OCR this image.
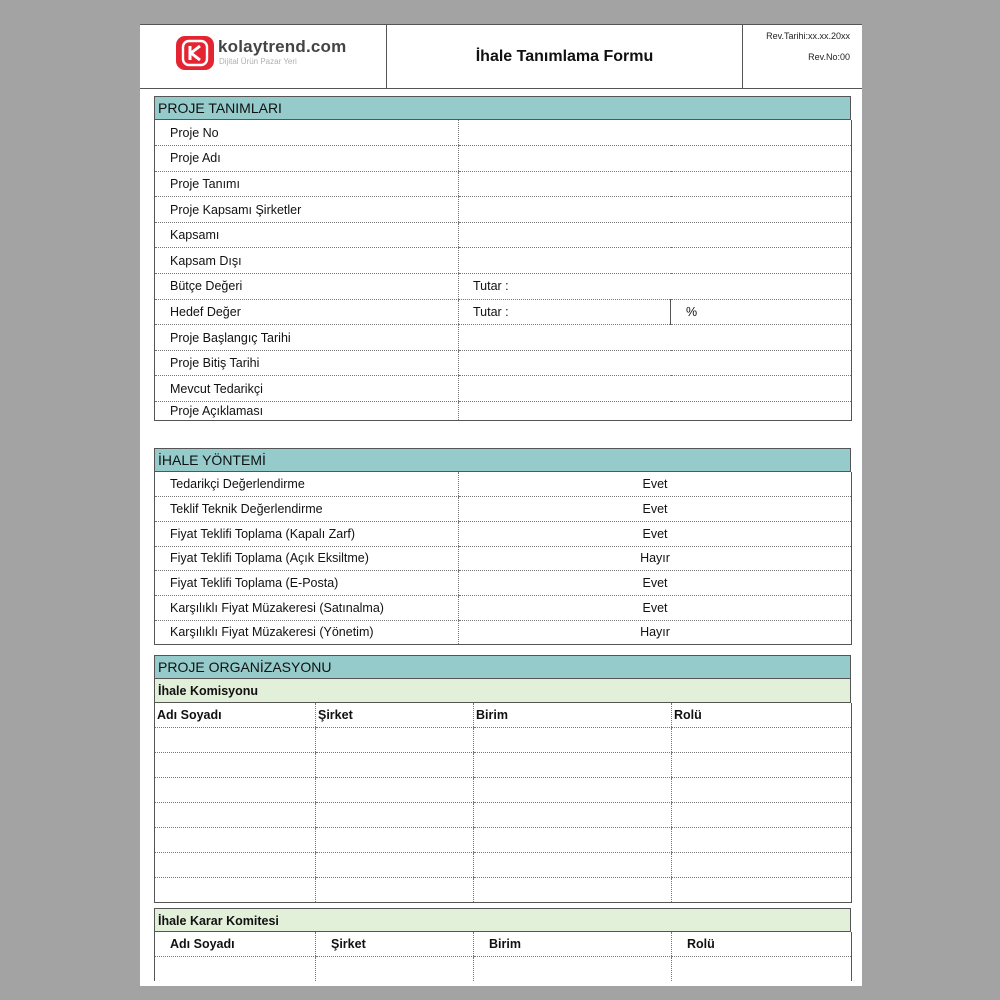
kolaytrend.com
Dijital Ürün Pazar Yeri	İhale Tanımlama Formu
Rev.Tarihi:xx.xx.20xx
Rev.No:00
PROJE TANIMLARI
Proje No		
Proje Adı		
Proje Tanımı		
Proje Kapsamı Şirketler		
Kapsamı		
Kapsam Dışı		
Bütçe Değeri	Tutar :	
Hedef Değer	Tutar :	%
Proje Başlangıç Tarihi		
Proje Bitiş Tarihi		
Mevcut Tedarikçi		
Proje Açıklaması		
İHALE YÖNTEMİ
Tedarikçi Değerlendirme	Evet
Teklif Teknik Değerlendirme	Evet
Fiyat Teklifi Toplama (Kapalı Zarf)	Evet
Fiyat Teklifi Toplama (Açık Eksiltme)	Hayır
Fiyat Teklifi Toplama (E-Posta)	Evet
Karşılıklı Fiyat Müzakeresi (Satınalma)	Evet
Karşılıklı Fiyat Müzakeresi (Yönetim)	Hayır
PROJE ORGANİZASYONU
İhale Komisyonu
Adı Soyadı	Şirket	Birim	Rolü

İhale Karar Komitesi
Adı Soyadı	Şirket	Birim	Rolü
